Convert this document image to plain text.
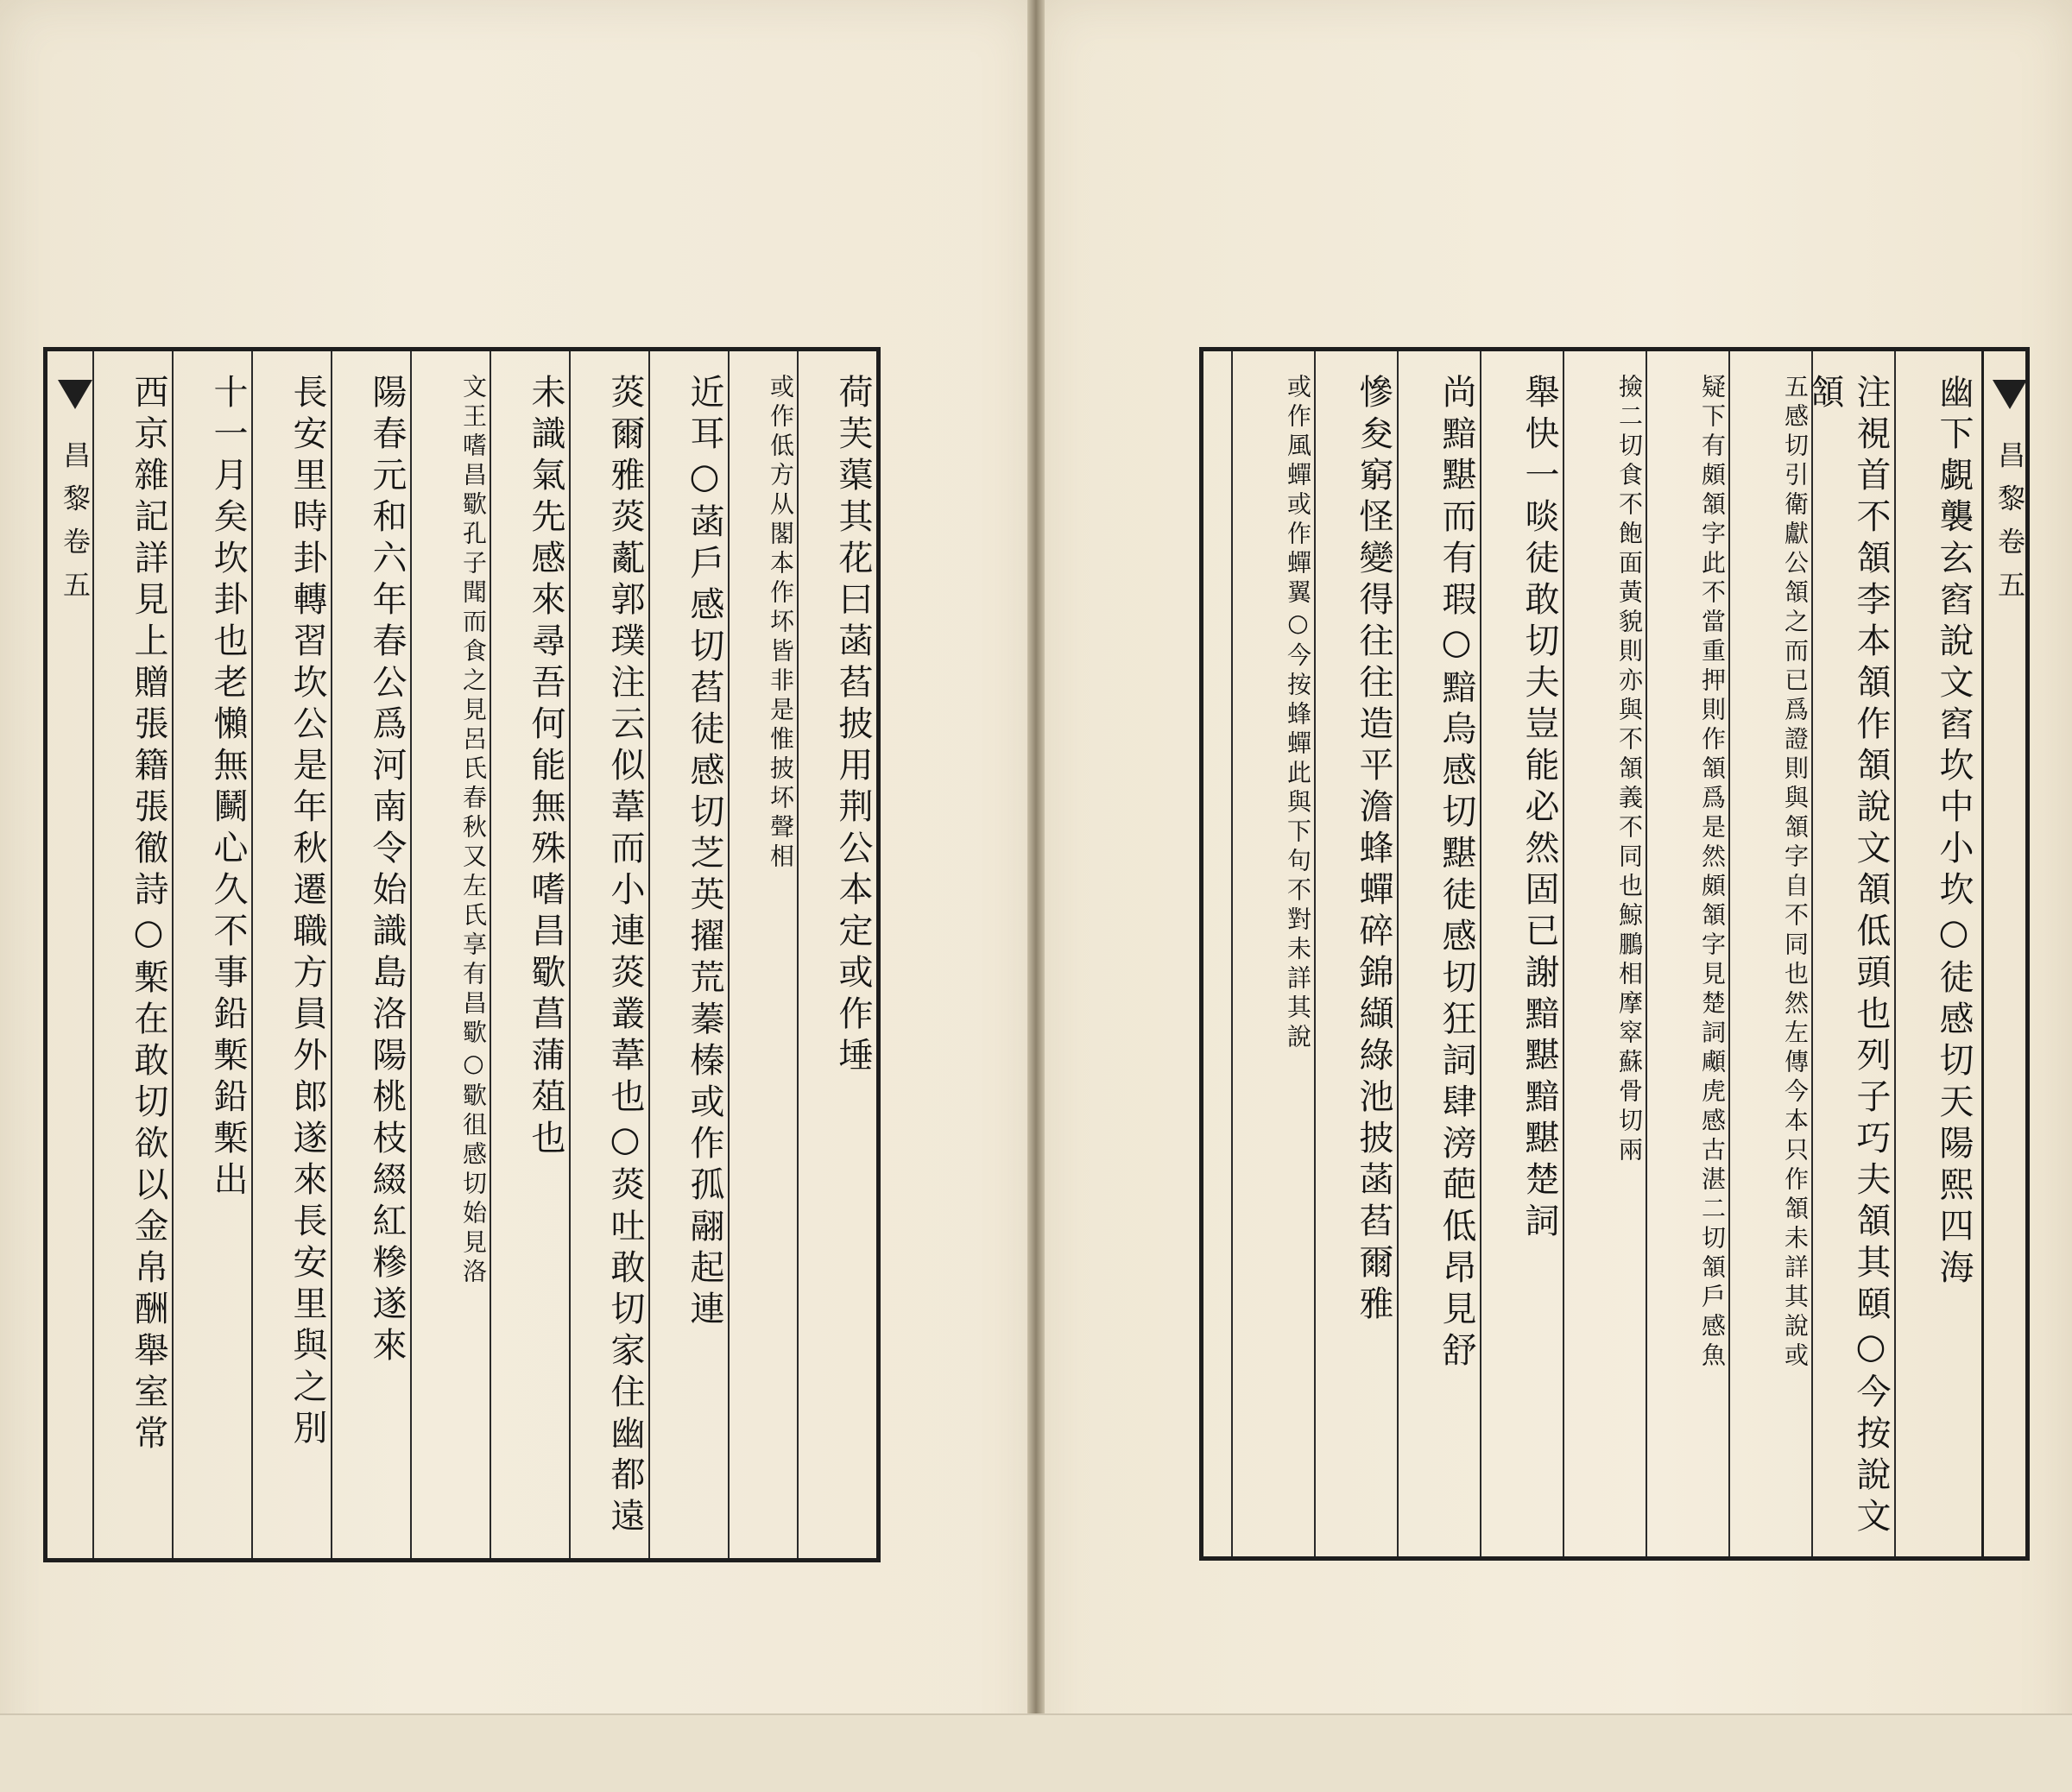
荷芙蕖其花曰菡萏披用荆公本定或作埵
或作低方从閣本作坏皆非是惟披坏聲相
近耳○菡戶感切萏徒感切芝英擢荒蓁榛或作孤翮起連
菼爾雅菼薍郭璞注云似葦而小連菼叢葦也○菼吐敢切家住幽都遠
未識氣先感來尋吾何能無殊嗜昌歜菖蒲葅也
文王嗜昌歜孔子聞而食之見呂氏春秋又左氏享有昌歜○歜徂感切始見洛
陽春元和六年春公爲河南令始識島洛陽桃枝綴紅糝遂來
長安里時卦轉習坎公是年秋遷職方員外郎遂來長安里與之別
十一月矣坎卦也老懶無鬭心久不事鉛槧鉛槧出
西京雜記詳見上贈張籍張徹詩○槧在敢切欲以金帛酬舉室常
昌黎卷五	幽下覷襲玄窞說文窞坎中小坎○徒感切天陽熙四海
注視首不頷李本頷作頷說文頷低頭也列子巧夫頷其頤○今按說文頷
五感切引衛獻公頷之而已爲證則與頷字自不同也然左傳今本只作頷未詳其說或
疑下有頗頷字此不當重押則作頷爲是然頗頷字見楚詞顑虎感古湛二切頷戶感魚
撿二切食不飽面黃貌則亦與不頷義不同也鯨鵬相摩窣蘇骨切兩
舉快一啖徒敢切夫豈能必然固已謝黯黮黯黮楚詞
尚黯黮而有瑕○黯烏感切黮徒感切狂詞肆滂葩低昂見舒
慘夋窮怪變得往往造平澹蜂蟬碎錦纈綠池披菡萏爾雅
或作風蟬或作蟬翼○今按蜂蟬此與下句不對未詳其說	昌黎卷五
